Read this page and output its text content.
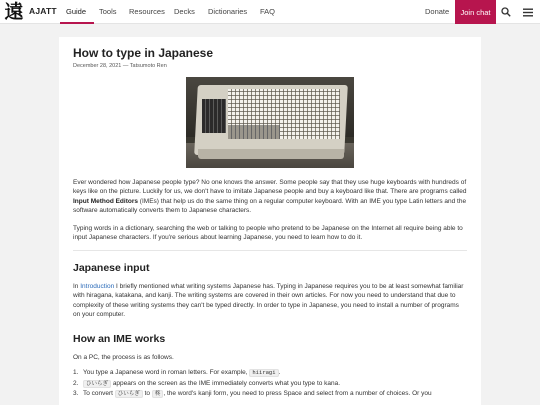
遠 AJATT Guide Tools Resources Decks Dictionaries FAQ	Donate	Join chat
How to type in Japanese
December 28, 2021 — Tatsumoto Ren
Ever wondered how Japanese people type? No one knows the answer. Some people say that they use huge keyboards with hundreds of keys like on the picture. Luckily for us, we don't have to imitate Japanese people and buy a keyboard like that. There are programs called Input Method Editors (IMEs) that help us do the same thing on a regular computer keyboard. With an IME you type Latin letters and the software automatically converts them to Japanese characters.
Typing words in a dictionary, searching the web or talking to people who pretend to be Japanese on the Internet all require being able to input Japanese characters. If you're serious about learning Japanese, you need to learn how to do it.
Japanese input
In Introduction I briefly mentioned what writing systems Japanese has. Typing in Japanese requires you to be at least somewhat familiar with hiragana, katakana, and kanji. The writing systems are covered in their own articles. For now you need to understand that due to complexity of these writing systems they can't be typed directly. In order to type in Japanese, you need to install a number of programs on your computer.
How an IME works
On a PC, the process is as follows.
1. You type a Japanese word in roman letters. For example, hiiragi .
2. ひいらぎ appears on the screen as the IME immediately converts what you type to kana.
3. To convert ひいらぎ to 柊 , the word's kanji form, you need to press Space and select from a number of choices. Or you
